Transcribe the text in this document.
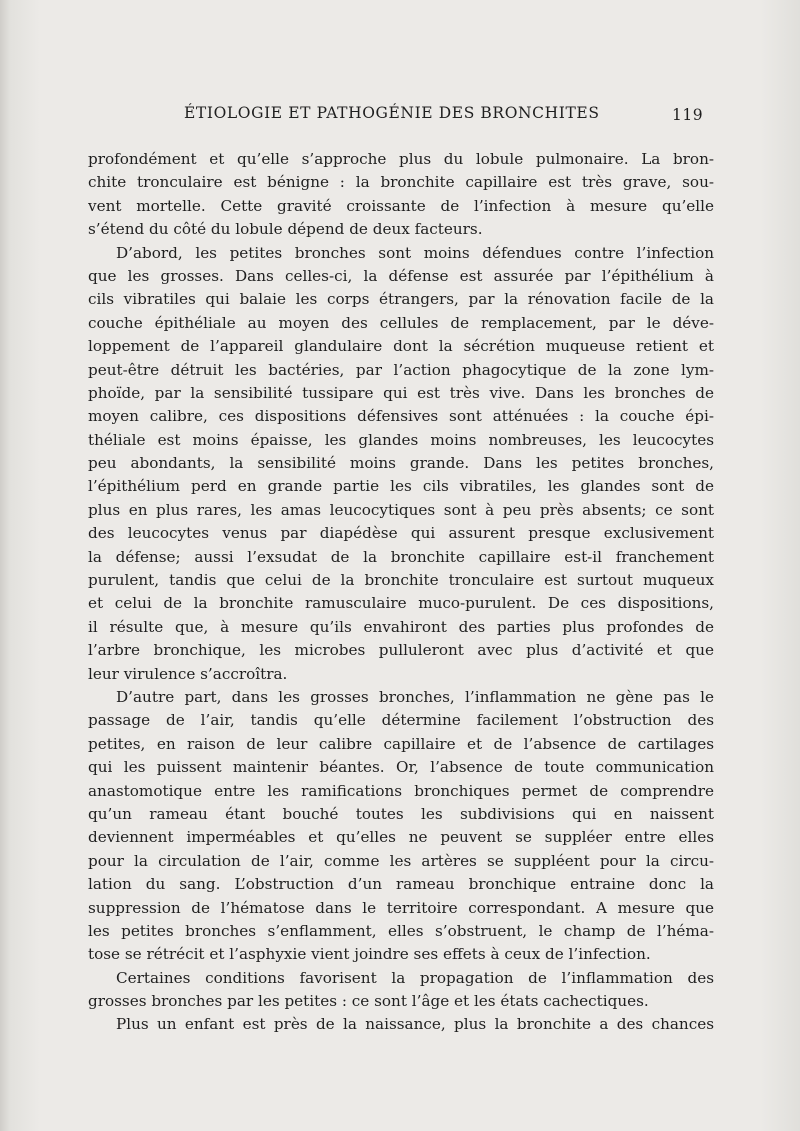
ÉTIOLOGIE ET PATHOGÉNIE DES BRONCHITES	119
profondément et qu’elle s’approche plus du lobule pulmonaire. La bron-
chite tronculaire est bénigne : la bronchite capillaire est très grave, sou-
vent mortelle. Cette gravité croissante de l’infection à mesure qu’elle
s’étend du côté du lobule dépend de deux facteurs.
D’abord, les petites bronches sont moins défendues contre l’infection
que les grosses. Dans celles-ci, la défense est assurée par l’épithélium à
cils vibratiles qui balaie les corps étrangers, par la rénovation facile de la
couche épithéliale au moyen des cellules de remplacement, par le déve-
loppement de l’appareil glandulaire dont la sécrétion muqueuse retient et
peut-être détruit les bactéries, par l’action phagocytique de la zone lym-
phoïde, par la sensibilité tussipare qui est très vive. Dans les bronches de
moyen calibre, ces dispositions défensives sont atténuées : la couche épi-
théliale est moins épaisse, les glandes moins nombreuses, les leucocytes
peu abondants, la sensibilité moins grande. Dans les petites bronches,
l’épithélium perd en grande partie les cils vibratiles, les glandes sont de
plus en plus rares, les amas leucocytiques sont à peu près absents; ce sont
des leucocytes venus par diapédèse qui assurent presque exclusivement
la défense; aussi l’exsudat de la bronchite capillaire est-il franchement
purulent, tandis que celui de la bronchite tronculaire est surtout muqueux
et celui de la bronchite ramusculaire muco-purulent. De ces dispositions,
il résulte que, à mesure qu’ils envahiront des parties plus profondes de
l’arbre bronchique, les microbes pulluleront avec plus d’activité et que
leur virulence s’accroîtra.
D’autre part, dans les grosses bronches, l’inflammation ne gène pas le
passage de l’air, tandis qu’elle détermine facilement l’obstruction des
petites, en raison de leur calibre capillaire et de l’absence de cartilages
qui les puissent maintenir béantes. Or, l’absence de toute communication
anastomotique entre les ramifications bronchiques permet de comprendre
qu’un rameau étant bouché toutes les subdivisions qui en naissent
deviennent imperméables et qu’elles ne peuvent se suppléer entre elles
pour la circulation de l’air, comme les artères se suppléent pour la circu-
lation du sang. L’obstruction d’un rameau bronchique entraine donc la
suppression de l’hématose dans le territoire correspondant. A mesure que
les petites bronches s’enflamment, elles s’obstruent, le champ de l’héma-
tose se rétrécit et l’asphyxie vient joindre ses effets à ceux de l’infection.
Certaines conditions favorisent la propagation de l’inflammation des
grosses bronches par les petites : ce sont l’âge et les états cachectiques.
Plus un enfant est près de la naissance, plus la bronchite a des chances
